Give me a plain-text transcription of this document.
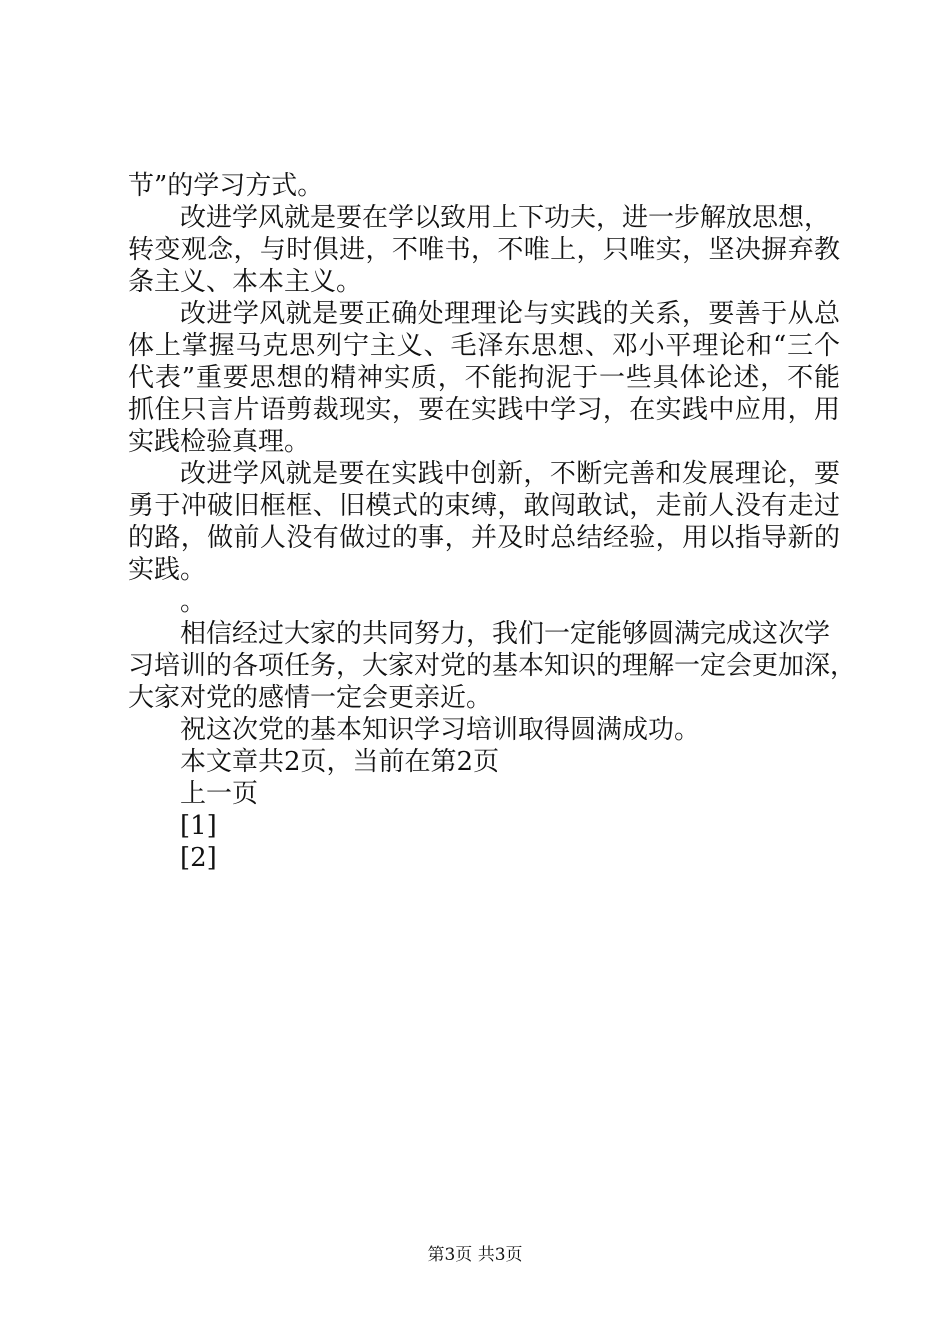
节”的学习方式。
改进学风就是要在学以致用上下功夫，进一步解放思想，
转变观念，与时俱进，不唯书，不唯上，只唯实，坚决摒弃教
条主义、本本主义。
改进学风就是要正确处理理论与实践的关系，要善于从总
体上掌握马克思列宁主义、毛泽东思想、邓小平理论和“三个
代表”重要思想的精神实质，不能拘泥于一些具体论述，不能
抓住只言片语剪裁现实，要在实践中学习，在实践中应用，用
实践检验真理。
改进学风就是要在实践中创新，不断完善和发展理论，要
勇于冲破旧框框、旧模式的束缚，敢闯敢试，走前人没有走过
的路，做前人没有做过的事，并及时总结经验，用以指导新的
实践。
。
相信经过大家的共同努力，我们一定能够圆满完成这次学
习培训的各项任务，大家对党的基本知识的理解一定会更加深，
大家对党的感情一定会更亲近。
祝这次党的基本知识学习培训取得圆满成功。
本文章共2页，当前在第2页
上一页
[1]
[2]
第3页 共3页
